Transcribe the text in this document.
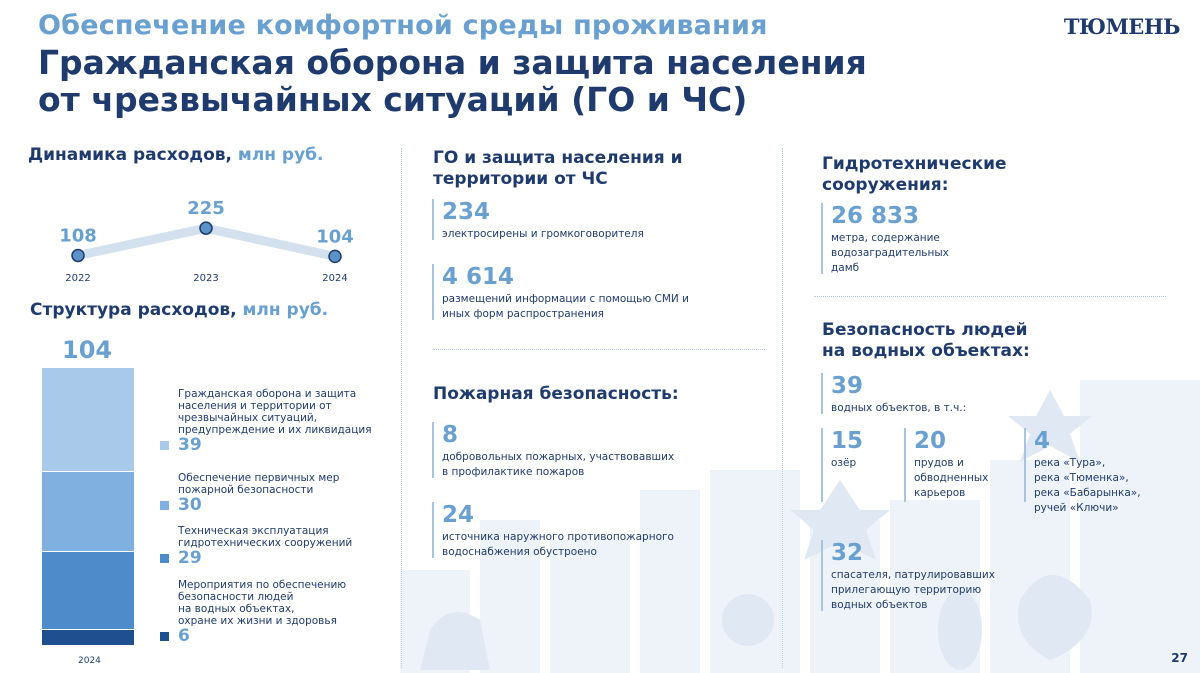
Обеспечение комфортной среды проживания
Гражданская оборона и защита населения
от чрезвычайных ситуаций (ГО и ЧС)
ТЮМЕНЬ
Динамика расходов, млн руб.
108
2022
225
2023
104
2024
Структура расходов, млн руб.
104
2024
Гражданская оборона и защита
населения и территории от
чрезвычайных ситуаций,
предупреждение и их ликвидация
39
Обеспечение первичных мер
пожарной безопасности
30
Техническая эксплуатация
гидротехнических сооружений
29
Мероприятия по обеспечению
безопасности людей
на водных объектах,
охране их жизни и здоровья
6
ГО и защита населения и
территории от ЧС
234
электросирены и громкоговорителя
4 614
размещений информации с помощью СМИ и
иных форм распространения
Пожарная безопасность:
8
добровольных пожарных, участвовавших
в профилактике пожаров
24
источника наружного противопожарного
водоснабжения обустроено
Гидротехнические
сооружения:
26 833
метра, содержание
водозаградительных
дамб
Безопасность людей
на водных объектах:
39
водных объектов, в т.ч.:
15
озёр
20
прудов и
обводненных
карьеров
4
река «Тура»,
река «Тюменка»,
река «Бабарынка»,
ручей «Ключи»
32
спасателя, патрулировавших
прилегающую территорию
водных объектов
27
